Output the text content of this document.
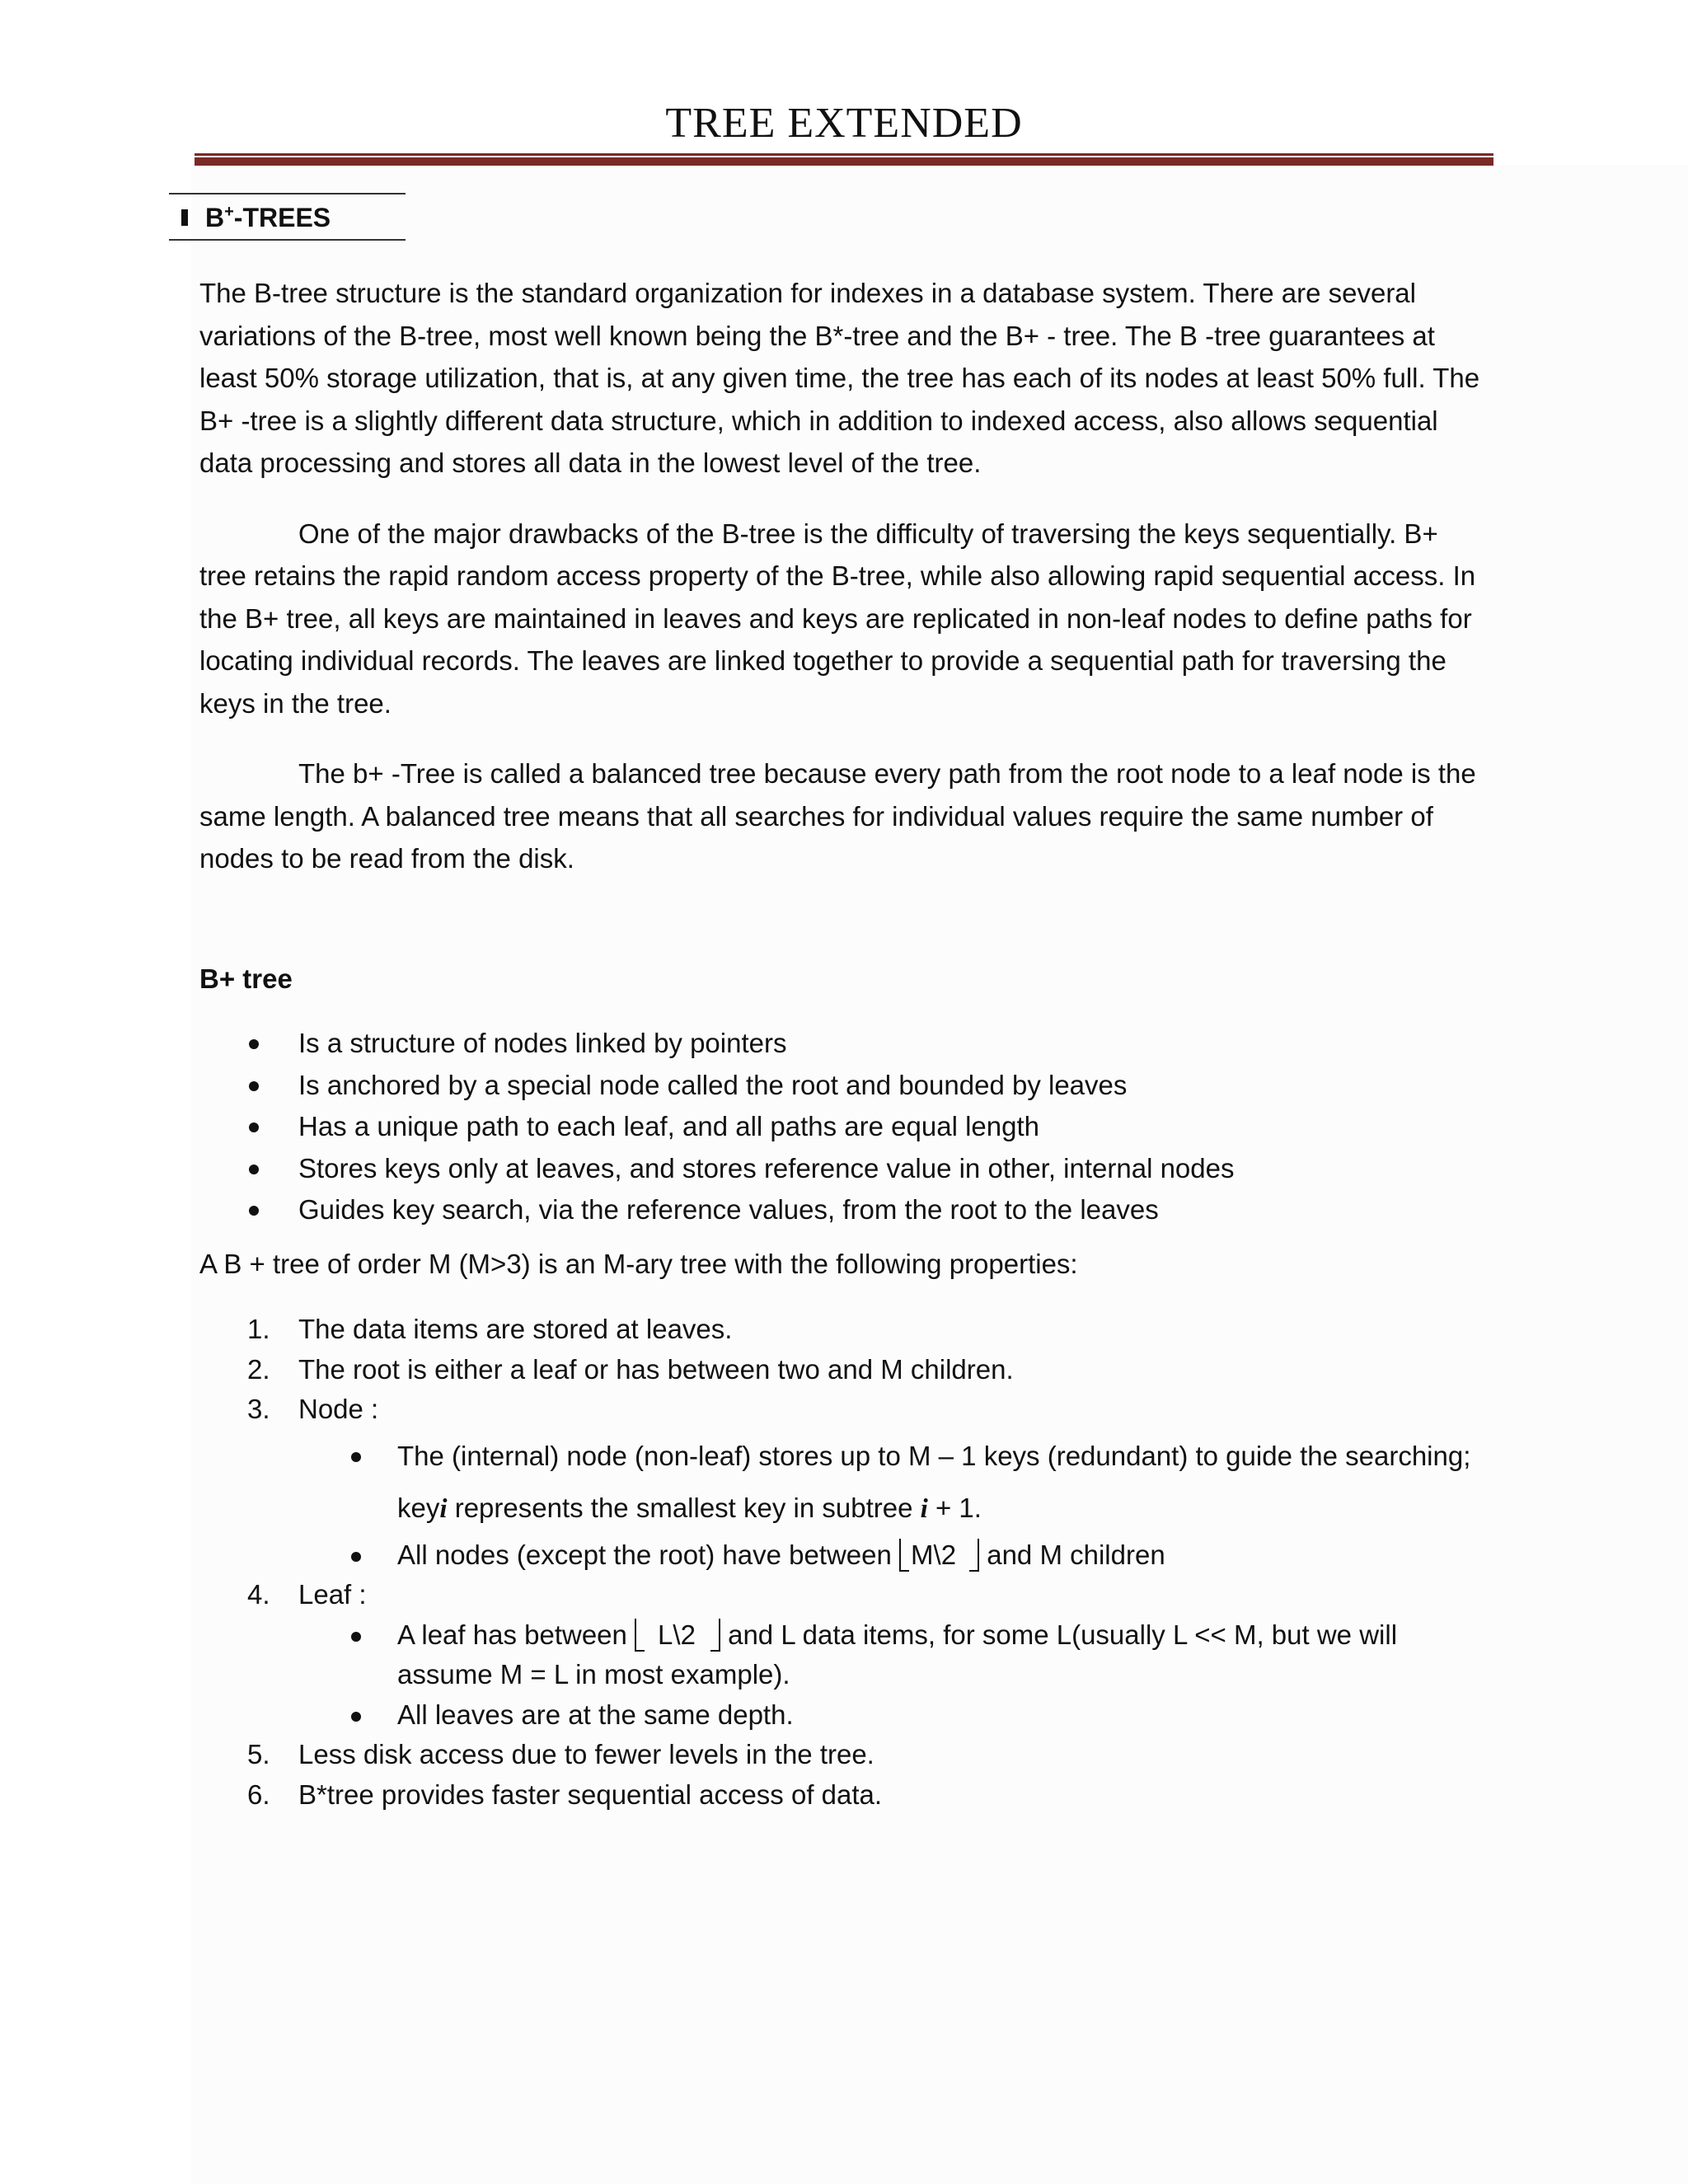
TREE EXTENDED
B+-TREES

The B-tree structure is the standard organization for indexes in a database system. There are several variations of the B-tree, most well known being the B*-tree and the B+ - tree. The B -tree guarantees at least 50% storage utilization, that is, at any given time, the tree has each of its nodes at least 50% full. The B+ -tree is a slightly different data structure, which in addition to indexed access, also allows sequential data processing and stores all data in the lowest level of the tree.

One of the major drawbacks of the B-tree is the difficulty of traversing the keys sequentially. B+ tree retains the rapid random access property of the B-tree, while also allowing rapid sequential access. In the B+ tree, all keys are maintained in leaves and keys are replicated in non-leaf nodes to define paths for locating individual records. The leaves are linked together to provide a sequential path for traversing the keys in the tree.

The b+ -Tree is called a balanced tree because every path from the root node to a leaf node is the same length. A balanced tree means that all searches for individual values require the same number of nodes to be read from the disk.

B+ tree

Is a structure of nodes linked by pointers
Is anchored by a special node called the root and bounded by leaves
Has a unique path to each leaf, and all paths are equal length
Stores keys only at leaves, and stores reference value in other, internal nodes
Guides key search, via the reference values, from the root to the leaves

A B + tree of order M (M>3) is an M-ary tree with the following properties:

1. The data items are stored at leaves.
2. The root is either a leaf or has between two and M children.
3. Node :
The (internal) node (non-leaf) stores up to M – 1 keys (redundant) to guide the searching; keyi represents the smallest key in subtree i + 1.
All nodes (except the root) have between
M\2
and M children
4. Leaf :
A leaf has between
L\2
and L data items, for some L(usually L << M, but we will assume M = L in most example).
All leaves are at the same depth.
5. Less disk access due to fewer levels in the tree.
6. B*tree provides faster sequential access of data.
